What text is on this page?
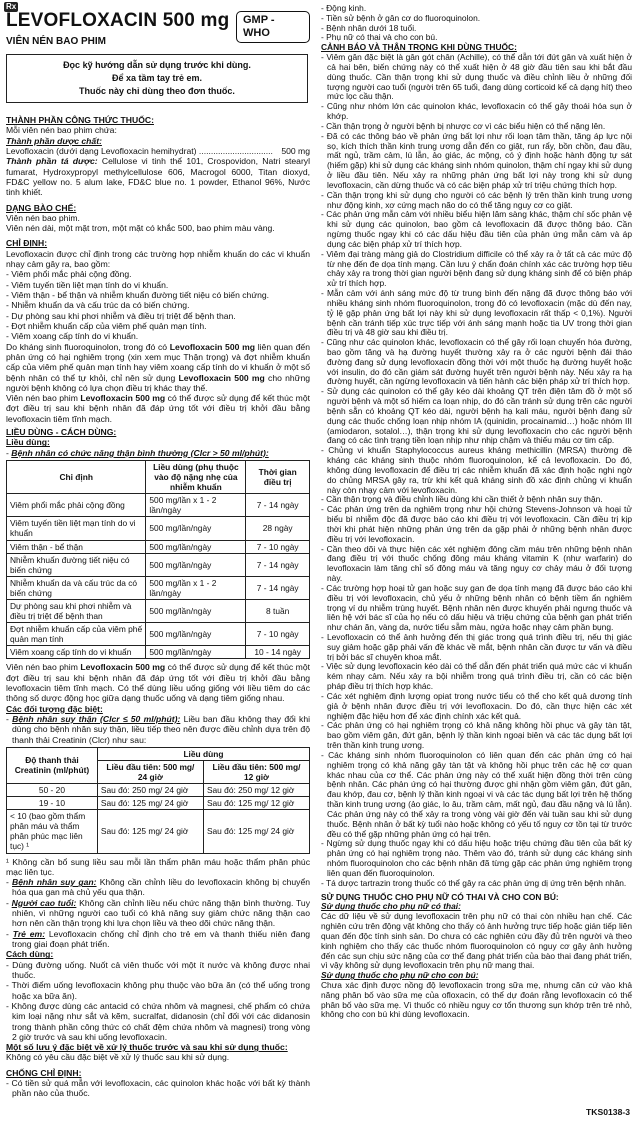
Rx
LEVOFLOXACIN 500 mg	GMP - WHO
VIÊN NÉN BAO PHIM
Đọc kỹ hướng dẫn sử dụng trước khi dùng.
Để xa tầm tay trẻ em.
Thuốc này chỉ dùng theo đơn thuốc.
THÀNH PHẦN CÔNG THỨC THUỐC:
Mỗi viên nén bao phim chứa:
Thành phần dược chất:
Levofloxacin (dưới dạng Levofloxacin hemihydrat) ............................... 500 mg

Thành phần tá dược: Cellulose vi tinh thể 101, Crospovidon, Natri stearyl fumarat, Hydroxypropyl methylcellulose 606, Macrogol 6000, Titan dioxyd, FD&C yellow no. 5 alum lake, FD&C blue no. 1 powder, Ethanol 96%, Nước tinh khiết.

DẠNG BÀO CHẾ:
Viên nén bao phim.
Viên nén dài, một mặt trơn, một mặt có khắc 500, bao phim màu vàng.
CHỈ ĐỊNH:

Levofloxacin được chỉ định trong các trường hợp nhiễm khuẩn do các vi khuẩn nhạy cảm gây ra, bao gồm:

- Viêm phổi mắc phải cộng đồng.
- Viêm tuyến tiền liệt mạn tính do vi khuẩn.
- Viêm thận - bể thận và nhiễm khuẩn đường tiết niệu có biến chứng.
- Nhiễm khuẩn da và cấu trúc da có biến chứng.
- Dự phòng sau khi phơi nhiễm và điều trị triệt để bệnh than.
- Đợt nhiễm khuẩn cấp của viêm phế quản mạn tính.
- Viêm xoang cấp tính do vi khuẩn.

Do kháng sinh fluoroquinolon, trong đó có Levofloxacin 500 mg liên quan đến phản ứng có hại nghiêm trọng (xin xem mục Thận trọng) và đợt nhiễm khuẩn cấp của viêm phế quản mạn tính hay viêm xoang cấp tính do vi khuẩn ở một số bệnh nhân có thể tự khỏi, chỉ nên sử dụng Levofloxacin 500 mg cho những người bệnh không có lựa chọn điều trị khác thay thế.

Viên nén bao phim Levofloxacin 500 mg có thể được sử dụng để kết thúc một đợt điều trị sau khi bệnh nhân đã đáp ứng tốt với điều trị khởi đầu bằng levofloxacin tiêm tĩnh mạch.

LIỀU DÙNG - CÁCH DÙNG:
Liều dùng:
- Bệnh nhân có chức năng thận bình thường (Clcr > 50 ml/phút):
Chỉ định	Liều dùng (phụ thuộc vào độ nặng nhẹ của nhiễm khuẩn	Thời gian điều trị
Viêm phổi mắc phải cộng đồng	500 mg/lần x 1 - 2 lần/ngày	7 - 14 ngày
Viêm tuyến tiền liệt mạn tính do vi khuẩn	500 mg/lần/ngày	28 ngày
Viêm thận - bể thận	500 mg/lần/ngày	7 - 10 ngày
Nhiễm khuẩn đường tiết niệu có biến chứng	500 mg/lần/ngày	7 - 14 ngày
Nhiễm khuẩn da và cấu trúc da có biến chứng	500 mg/lần x 1 - 2 lần/ngày	7 - 14 ngày
Dự phòng sau khi phơi nhiễm và điều trị triệt để bệnh than	500 mg/lần/ngày	8 tuần
Đợt nhiễm khuẩn cấp của viêm phế quản mạn tính	500 mg/lần/ngày	7 - 10 ngày
Viêm xoang cấp tính do vi khuẩn	500 mg/lần/ngày	10 - 14 ngày

Viên nén bao phim Levofloxacin 500 mg có thể được sử dụng để kết thúc một đợt điều trị sau khi bệnh nhân đã đáp ứng tốt với điều trị khởi đầu bằng levofloxacin tiêm tĩnh mạch. Có thể dùng liều uống giống với liều tiêm do các thông số dược động học giữa dạng thuốc uống và dạng tiêm giống nhau.

Các đối tượng đặc biệt:

- Bệnh nhân suy thận (Clcr ≤ 50 ml/phút): Liều ban đầu không thay đổi khi dùng cho bệnh nhân suy thận, liều tiếp theo nên được điều chỉnh dựa trên độ thanh thải Creatinin (Clcr) như sau:

Độ thanh thải Creatinin (ml/phút)	Liều dùng	
	Liều đầu tiên: 500 mg/ 24 giờ	Liều đầu tiên: 500 mg/ 12 giờ
50 - 20	Sau đó: 250 mg/ 24 giờ	Sau đó: 250 mg/ 12 giờ
19 - 10	Sau đó: 125 mg/ 24 giờ	Sau đó: 125 mg/ 12 giờ
< 10 (bao gồm thẩm phân máu và thẩm phân phúc mạc liên tục) ¹	Sau đó: 125 mg/ 24 giờ	Sau đó: 125 mg/ 24 giờ

¹ Không cần bổ sung liều sau mỗi lần thẩm phân máu hoặc thẩm phân phúc mạc liên tục.

- Bệnh nhân suy gan: Không cần chỉnh liều do levofloxacin không bị chuyển hóa qua gan mà chủ yếu qua thận.

- Người cao tuổi: Không cần chỉnh liều nếu chức năng thận bình thường. Tuy nhiên, vì những người cao tuổi có khả năng suy giảm chức năng thận cao hơn nên cần thận trọng khi lựa chọn liều và theo dõi chức năng thận.

- Trẻ em: Levofloxacin chống chỉ định cho trẻ em và thanh thiếu niên đang trong giai đoạn phát triển.

Cách dùng:

- Dùng đường uống. Nuốt cả viên thuốc với một ít nước và không được nhai thuốc.

- Thời điểm uống levofloxacin không phụ thuộc vào bữa ăn (có thể uống trong hoặc xa bữa ăn).

- Không được dùng các antacid có chứa nhôm và magnesi, chế phẩm có chứa kim loại nặng như sắt và kẽm, sucralfat, didanosin (chỉ đối với các didanosin trong thành phần công thức có chất đệm chứa nhôm và magnesi) trong vòng 2 giờ trước và sau khi uống levofloxacin.

Một số lưu ý đặc biệt về xử lý thuốc trước và sau khi sử dụng thuốc:
Không có yêu cầu đặc biệt về xử lý thuốc sau khi sử dụng.
CHỐNG CHỈ ĐỊNH:

- Có tiền sử quá mẫn với levofloxacin, các quinolon khác hoặc với bất kỳ thành phần nào của thuốc.

- Động kinh.
- Tiền sử bệnh ở gân cơ do fluoroquinolon.
- Bệnh nhân dưới 18 tuổi.
- Phụ nữ có thai và cho con bú.
CẢNH BÁO VÀ THẬN TRỌNG KHI DÙNG THUỐC:
- Viêm gân đặc biệt là gân gót chân (Achille), có thể dẫn tới đứt gân và xuất hiện ở cả hai bên, biến chứng này có thể xuất hiện ở 48 giờ đầu tiên sau khi bắt đầu dùng thuốc. Cần thận trọng khi sử dụng thuốc và điều chỉnh liều ở những đối tượng người cao tuổi (người trên 65 tuổi, đang dùng corticoid kể cả dạng hít) theo mức lọc cầu thận.
- Cũng như nhóm lớn các quinolon khác, levofloxacin có thể gây thoái hóa sụn ở khớp.
- Cần thận trọng ở người bệnh bị nhược cơ vì các biểu hiện có thể nặng lên.
- Đã có các thông báo về phản ứng bất lợi như rối loạn tâm thần, tăng áp lực nội sọ, kích thích thần kinh trung ương dẫn đến co giật, run rẩy, bồn chồn, đau đầu, mất ngủ, trầm cảm, lú lẫn, ảo giác, ác mộng, có ý định hoặc hành động tự sát (hiếm gặp) khi sử dụng các kháng sinh nhóm quinolon, thậm chí ngay khi sử dụng ở liều đầu tiên. Nếu xảy ra những phản ứng bất lợi này trong khi sử dụng levofloxacin, cần dừng thuốc và có các biện pháp xử trí triệu chứng thích hợp.
- Cần thận trọng khi sử dụng cho người có các bệnh lý trên thần kinh trung ương như động kinh, xơ cứng mạch não do có thể tăng nguy cơ co giật.
- Các phản ứng mẫn cảm với nhiều biểu hiện lâm sàng khác, thậm chí sốc phản vệ khi sử dụng các quinolon, bao gồm cả levofloxacin đã được thông báo. Cần ngừng thuốc ngay khi có các dấu hiệu đầu tiên của phản ứng mẫn cảm và áp dụng các biện pháp xử trí thích hợp.
- Viêm đại tràng màng giả do Clostridium difficile có thể xảy ra ở tất cả các mức độ từ nhẹ đến đe dọa tính mạng. Cần lưu ý chẩn đoán chính xác các trường hợp tiêu chảy xảy ra trong thời gian người bệnh đang sử dụng kháng sinh để có biện pháp xử trí thích hợp.
- Mẫn cảm với ánh sáng mức độ từ trung bình đến nặng đã được thông báo với nhiều kháng sinh nhóm fluoroquinolon, trong đó có levofloxacin (mặc dù đến nay, tỷ lệ gặp phản ứng bất lợi này khi sử dụng levofloxacin rất thấp < 0,1%). Người bệnh cần tránh tiếp xúc trực tiếp với ánh sáng mạnh hoặc tia UV trong thời gian điều trị và 48 giờ sau khi điều trị.
- Cũng như các quinolon khác, levofloxacin có thể gây rối loạn chuyển hóa đường, bao gồm tăng và hạ đường huyết thường xảy ra ở các người bệnh đái tháo đường đang sử dụng levofloxacin đồng thời với một thuốc hạ đường huyết hoặc với insulin, do đó cần giám sát đường huyết trên người bệnh này. Nếu xảy ra hạ đường huyết, cần ngừng levofloxacin và tiến hành các biện pháp xử trí thích hợp.
- Sử dụng các quinolon có thể gây kéo dài khoảng QT trên điện tâm đồ ở một số người bệnh và một số hiếm ca loạn nhịp, do đó cần tránh sử dụng trên các người bệnh sẵn có khoảng QT kéo dài, người bệnh hạ kali máu, người bệnh đang sử dụng các thuốc chống loạn nhịp nhóm IA (quinidin, procainamid…) hoặc nhóm III (amiodaron, sotalol…), thận trọng khi sử dụng levofloxacin cho các người bệnh đang có các tình trạng tiền loạn nhịp như nhịp chậm và thiếu máu cơ tim cấp.
- Chủng vi khuẩn Staphylococcus aureus kháng methicillin (MRSA) thường đề kháng các kháng sinh thuộc nhóm fluoroquinolon, kể cả levofloxacin. Do đó, không dùng levofloxacin để điều trị các nhiễm khuẩn đã xác định hoặc nghi ngờ do chủng MRSA gây ra, trừ khi kết quả kháng sinh đồ xác định chủng vi khuẩn này còn nhạy cảm với levofloxacin.
- Cần thận trọng và điều chỉnh liều dùng khi cần thiết ở bệnh nhân suy thận.
- Các phản ứng trên da nghiêm trọng như hội chứng Stevens-Johnson và hoại tử biểu bì nhiễm độc đã được báo cáo khi điều trị với levofloxacin. Cần điều trị kịp thời khi phát hiện những phản ứng trên da gặp phải ở những bệnh nhân được điều trị với levofloxacin.
- Cần theo dõi và thực hiện các xét nghiệm đông cầm máu trên những bệnh nhân đang điều trị với thuốc chống đông máu kháng vitamin K (như warfarin) do levofloxacin làm tăng chỉ số đông máu và tăng nguy cơ chảy máu ở đối tượng này.
- Các trường hợp hoại tử gan hoặc suy gan đe dọa tính mạng đã được báo cáo khi điều trị với levofloxacin, chủ yếu ở những bệnh nhân có bệnh tiềm ẩn nghiêm trọng ví dụ nhiễm trùng huyết. Bệnh nhân nên được khuyến phải ngưng thuốc và liên hệ với bác sĩ của họ nếu có dấu hiệu và triệu chứng của bệnh gan phát triển như chán ăn, vàng da, nước tiểu sẫm màu, ngứa hoặc nhạy cảm phần bụng.
- Levofloxacin có thể ảnh hưởng đến thị giác trong quá trình điều trị, nếu thị giác suy giảm hoặc gặp phải vấn đề khác về mắt, bệnh nhân cần được tư vấn và điều trị bởi bác sĩ chuyên khoa mắt.
- Việc sử dụng levofloxacin kéo dài có thể dẫn đến phát triển quá mức các vi khuẩn kém nhạy cảm. Nếu xảy ra bội nhiễm trong quá trình điều trị, cần có các biện pháp điều trị thích hợp khác.
- Các xét nghiệm định lượng opiat trong nước tiểu có thể cho kết quả dương tính giả ở bệnh nhân được điều trị với levofloxacin. Do đó, cần thực hiện các xét nghiệm đặc hiệu hơn để xác định chính xác kết quả.
- Các phản ứng có hại nghiêm trọng có khả năng không hồi phục và gây tàn tật, bao gồm viêm gân, đứt gân, bệnh lý thần kinh ngoại biên và các tác dụng bất lợi trên thần kinh trung ương.
- Các kháng sinh nhóm fluoroquinolon có liên quan đến các phản ứng có hại nghiêm trọng có khả năng gây tàn tật và không hồi phục trên các hệ cơ quan khác nhau của cơ thể. Các phản ứng này có thể xuất hiện đồng thời trên cùng bệnh nhân. Các phản ứng có hại thường được ghi nhận gồm viêm gân, đứt gân, đau khớp, đau cơ, bệnh lý thần kinh ngoại vi và các tác dụng bất lợi trên hệ thống thần kinh trung ương (ảo giác, lo âu, trầm cảm, mất ngủ, đau đầu nặng và lú lẫn). Các phản ứng này có thể xảy ra trong vòng vài giờ đến vài tuần sau khi sử dụng thuốc. Bệnh nhân ở bất kỳ tuổi nào hoặc không có yếu tố nguy cơ tồn tại từ trước đều có thể gặp những phản ứng có hại trên.
- Ngừng sử dụng thuốc ngay khi có dấu hiệu hoặc triệu chứng đầu tiên của bất kỳ phản ứng có hại nghiêm trọng nào. Thêm vào đó, tránh sử dụng các kháng sinh nhóm fluoroquinolon cho các bệnh nhân đã từng gặp các phản ứng nghiêm trọng liên quan đến fluoroquinolon.
- Tá dược tartrazin trong thuốc có thể gây ra các phản ứng dị ứng trên bệnh nhân.
SỬ DỤNG THUỐC CHO PHỤ NỮ CÓ THAI VÀ CHO CON BÚ:
Sử dụng thuốc cho phụ nữ có thai:

Các dữ liệu về sử dụng levofloxacin trên phụ nữ có thai còn nhiều hạn chế. Các nghiên cứu trên động vật không cho thấy có ảnh hưởng trực tiếp hoặc gián tiếp liên quan đến độc tính sinh sản. Do chưa có các nghiên cứu đầy đủ trên người và theo kinh nghiệm cho thấy các thuốc nhóm fluoroquinolon có nguy cơ gây ảnh hưởng đến các sụn chịu sức nặng của cơ thể đang phát triển của bào thai đang phát triển, vì vậy không sử dụng levofloxacin trên phụ nữ mang thai.

Sử dụng thuốc cho phụ nữ cho con bú:

Chưa xác định được nồng độ levofloxacin trong sữa mẹ, nhưng căn cứ vào khả năng phân bố vào sữa mẹ của ofloxacin, có thể dự đoán rằng levofloxacin có thể phân bố vào sữa mẹ. Vì thuốc có nhiều nguy cơ tổn thương sụn khớp trên trẻ nhỏ, không cho con bú khi dùng levofloxacin.

TKS0138-3
